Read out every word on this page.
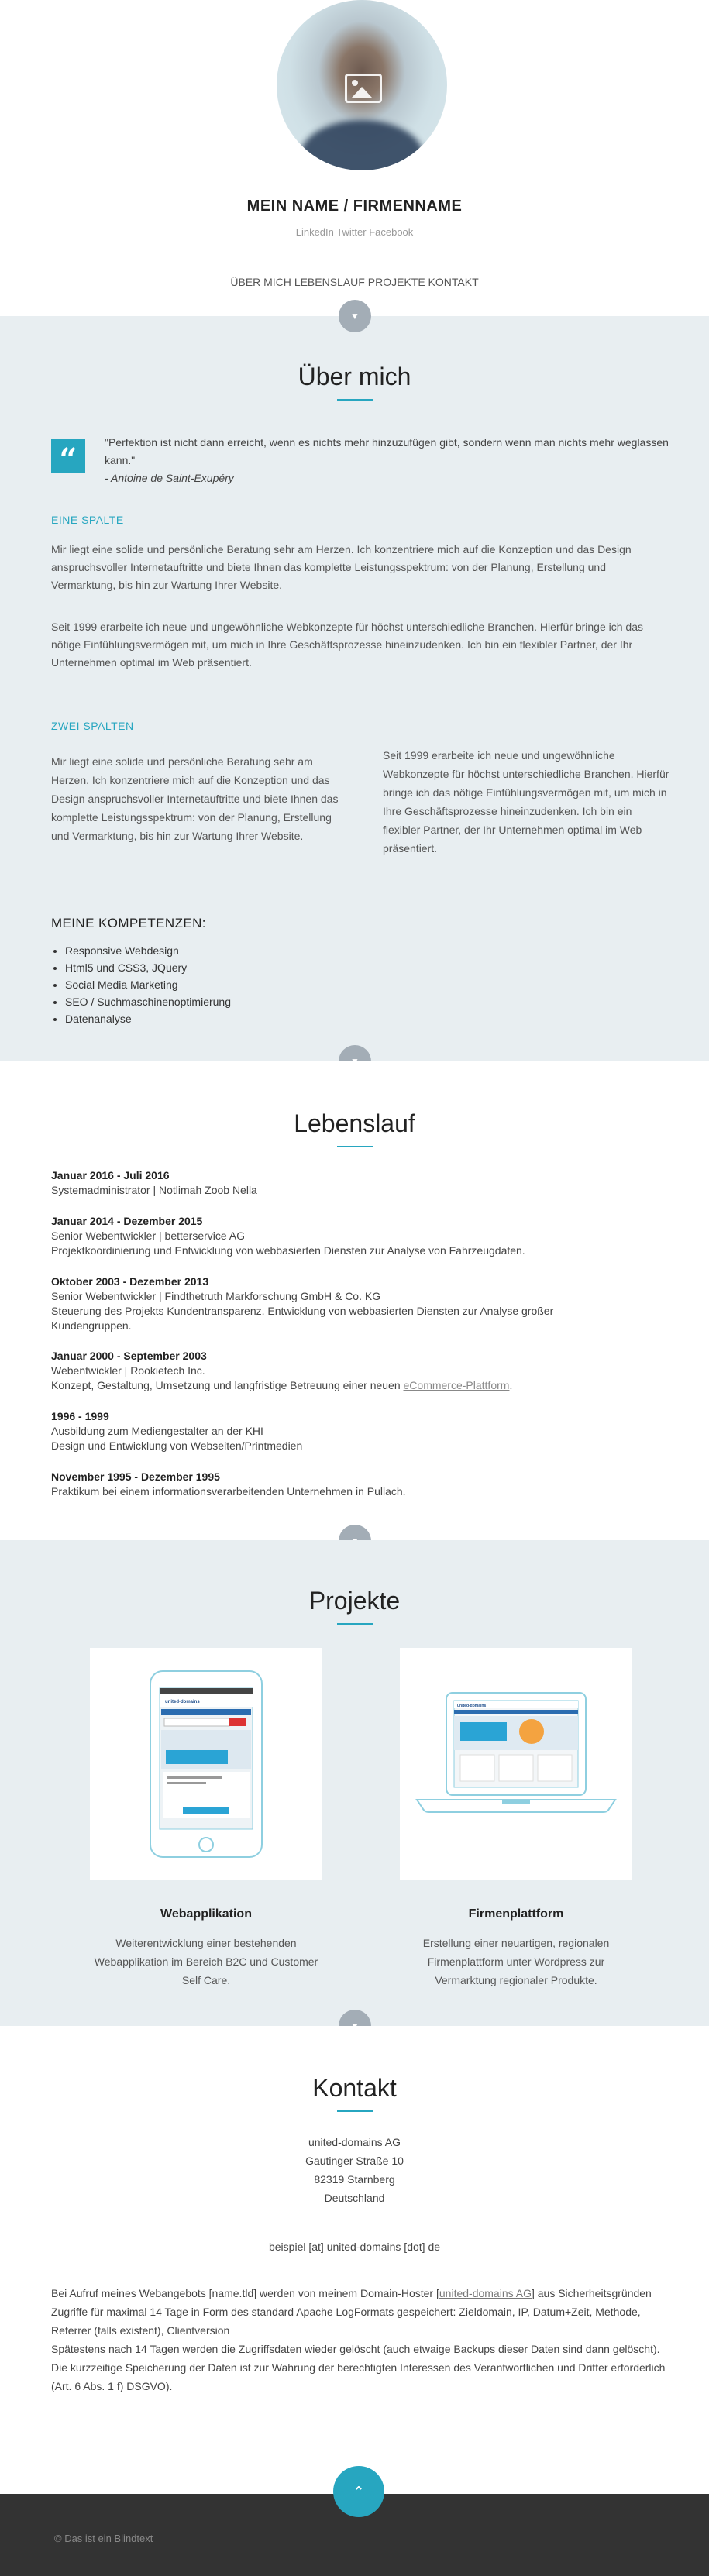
MEIN NAME / FIRMENNAME
LinkedIn Twitter Facebook
ÜBER MICH LEBENSLAUF PROJEKTE KONTAKT
Über mich
“	"Perfektion ist nicht dann erreicht, wenn es nichts mehr hinzuzufügen gibt, sondern wenn man nichts mehr weglassen kann."
- Antoine de Saint-Exupéry
EINE SPALTE
Mir liegt eine solide und persönliche Beratung sehr am Herzen. Ich konzentriere mich auf die Konzeption und das Design anspruchsvoller Internetauftritte und biete Ihnen das komplette Leistungsspektrum: von der Planung, Erstellung und Vermarktung, bis hin zur Wartung Ihrer Website.
Seit 1999 erarbeite ich neue und ungewöhnliche Webkonzepte für höchst unterschiedliche Branchen. Hierfür bringe ich das nötige Einfühlungsvermögen mit, um mich in Ihre Geschäftsprozesse hineinzudenken. Ich bin ein flexibler Partner, der Ihr Unternehmen optimal im Web präsentiert.
ZWEI SPALTEN
Mir liegt eine solide und persönliche Beratung sehr am Herzen. Ich konzentriere mich auf die Konzeption und das Design anspruchsvoller Internetauftritte und biete Ihnen das komplette Leistungsspektrum: von der Planung, Erstellung und Vermarktung, bis hin zur Wartung Ihrer Website.
Seit 1999 erarbeite ich neue und ungewöhnliche Webkonzepte für höchst unterschiedliche Branchen. Hierfür bringe ich das nötige Einfühlungsvermögen mit, um mich in Ihre Geschäftsprozesse hineinzudenken. Ich bin ein flexibler Partner, der Ihr Unternehmen optimal im Web präsentiert.
MEINE KOMPETENZEN:
• Responsive Webdesign
• Html5 und CSS3, JQuery
• Social Media Marketing
• SEO / Suchmaschinenoptimierung
• Datenanalyse
▼
Lebenslauf
Januar 2016 - Juli 2016
Systemadministrator | Notlimah Zoob Nella
Januar 2014 - Dezember 2015
Senior Webentwickler | betterservice AG
Projektkoordinierung und Entwicklung von webbasierten Diensten zur Analyse von Fahrzeugdaten.
Oktober 2003 - Dezember 2013
Senior Webentwickler | Findthetruth Markforschung GmbH & Co. KG
Steuerung des Projekts Kundentransparenz. Entwicklung von webbasierten Diensten zur Analyse großer Kundengruppen.
Januar 2000 - September 2003
Webentwickler | Rookietech Inc.
Konzept, Gestaltung, Umsetzung und langfristige Betreuung einer neuen eCommerce-Plattform.
1996 - 1999
Ausbildung zum Mediengestalter an der KHI
Design und Entwicklung von Webseiten/Printmedien
November 1995 - Dezember 1995
Praktikum bei einem informationsverarbeitenden Unternehmen in Pullach.
Projekte
united-domains
united-domains
Webapplikation
Weiterentwicklung einer bestehenden Webapplikation im Bereich B2C und Customer Self Care.
Firmenplattform
Erstellung einer neuartigen, regionalen Firmenplattform unter Wordpress zur Vermarktung regionaler Produkte.
Kontakt
united-domains AG
Gautinger Straße 10
82319 Starnberg
Deutschland
beispiel [at] united-domains [dot] de
Bei Aufruf meines Webangebots [name.tld] werden von meinem Domain-Hoster [united-domains AG] aus Sicherheitsgründen Zugriffe für maximal 14 Tage in Form des standard Apache LogFormats gespeichert: Zieldomain, IP, Datum+Zeit, Methode, Referrer (falls existent), Clientversion
Spätestens nach 14 Tagen werden die Zugriffsdaten wieder gelöscht (auch etwaige Backups dieser Daten sind dann gelöscht).
Die kurzzeitige Speicherung der Daten ist zur Wahrung der berechtigten Interessen des Verantwortlichen und Dritter erforderlich (Art. 6 Abs. 1 f) DSGVO).
© Das ist ein Blindtext
⌃
